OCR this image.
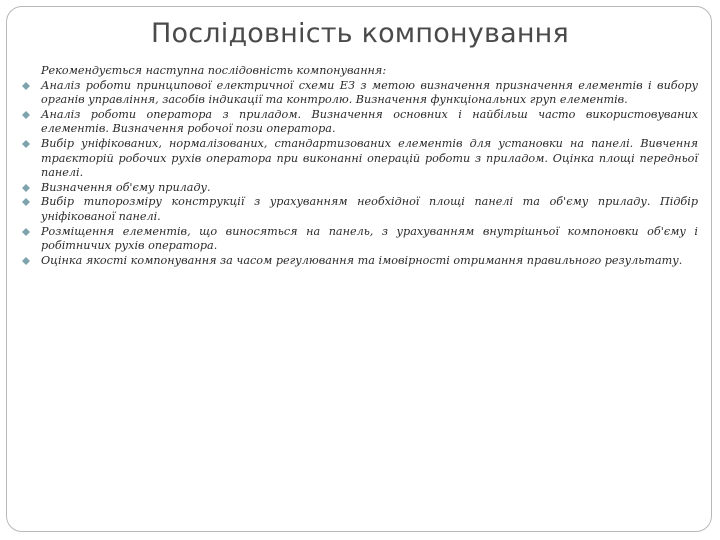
Послідовність компонування

Рекомендується наступна послідовність компонування:

Аналіз роботи принципової електричної схеми ЕЗ з метою визначення призначення елементів і вибору органів управління, засобів індикації та контролю. Визначення функціональних груп елементів.
Аналіз роботи оператора з приладом. Визначення основних і найбільш часто використовуваних елементів. Визначення робочої пози оператора.
Вибір уніфікованих, нормалізованих, стандартизованих елементів для установки на панелі. Вивчення траєкторій робочих рухів оператора при виконанні операцій роботи з приладом. Оцінка площі передньої панелі.
Визначення об'єму приладу.
Вибір типорозміру конструкції з урахуванням необхідної площі панелі та об'єму приладу. Підбір уніфікованої панелі.
Розміщення елементів, що виносяться на панель, з урахуванням внутрішньої компоновки об'єму і робітничих рухів оператора.
Оцінка якості компонування за часом регулювання та імовірності отримання правильного результату.
